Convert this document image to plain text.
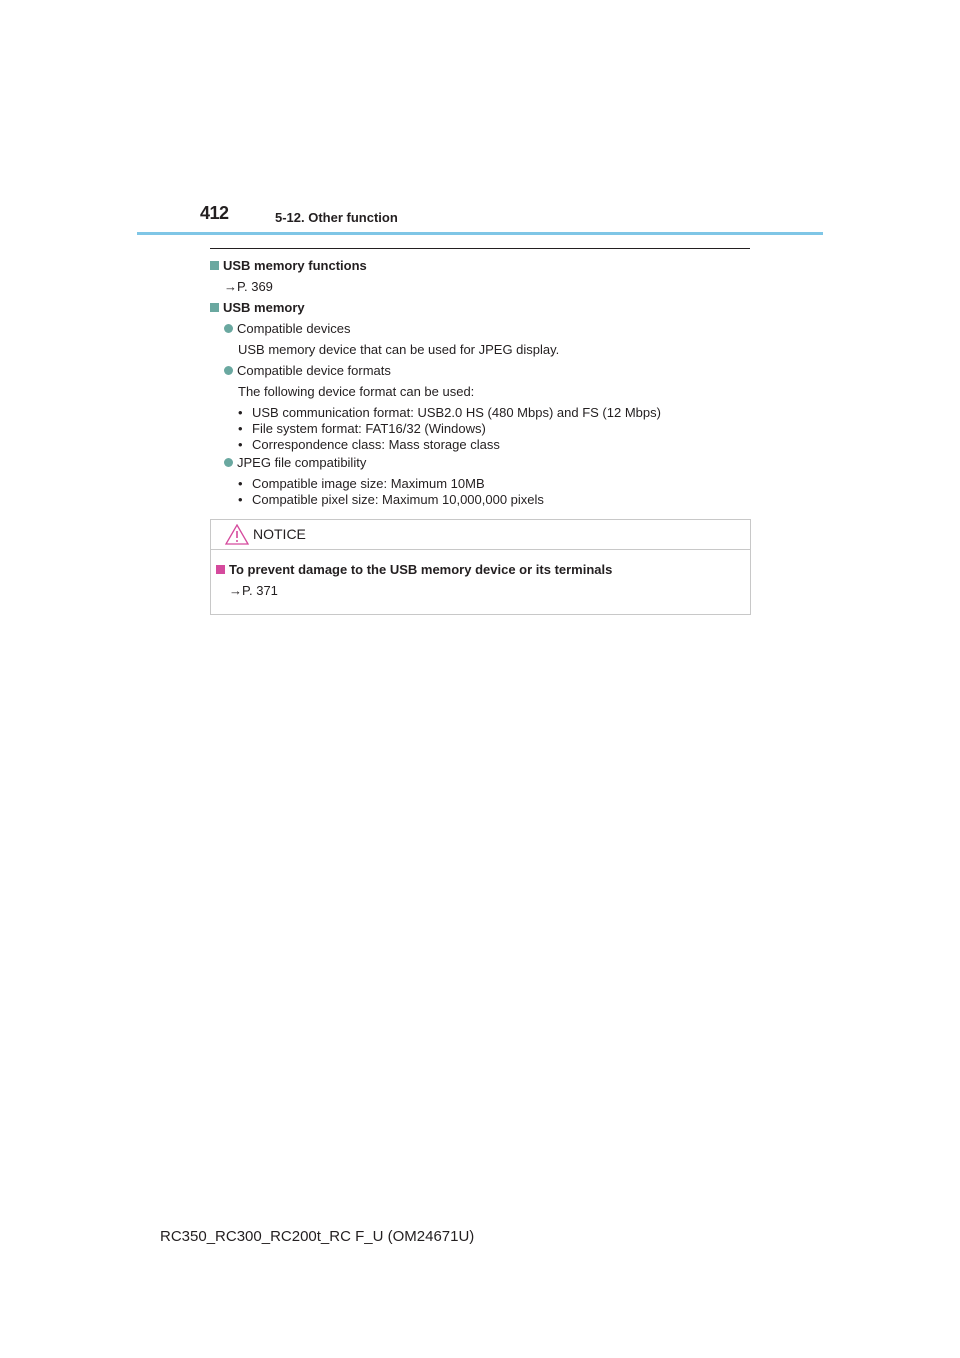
412	5-12. Other function
USB memory functions
→P. 369
USB memory
Compatible devices
USB memory device that can be used for JPEG display.
Compatible device formats
The following device format can be used:
• USB communication format: USB2.0 HS (480 Mbps) and FS (12 Mbps)
• File system format: FAT16/32 (Windows)
• Correspondence class: Mass storage class
JPEG file compatibility
• Compatible image size: Maximum 10MB
• Compatible pixel size: Maximum 10,000,000 pixels
NOTICE
To prevent damage to the USB memory device or its terminals
→P. 371
RC350_RC300_RC200t_RC F_U (OM24671U)
